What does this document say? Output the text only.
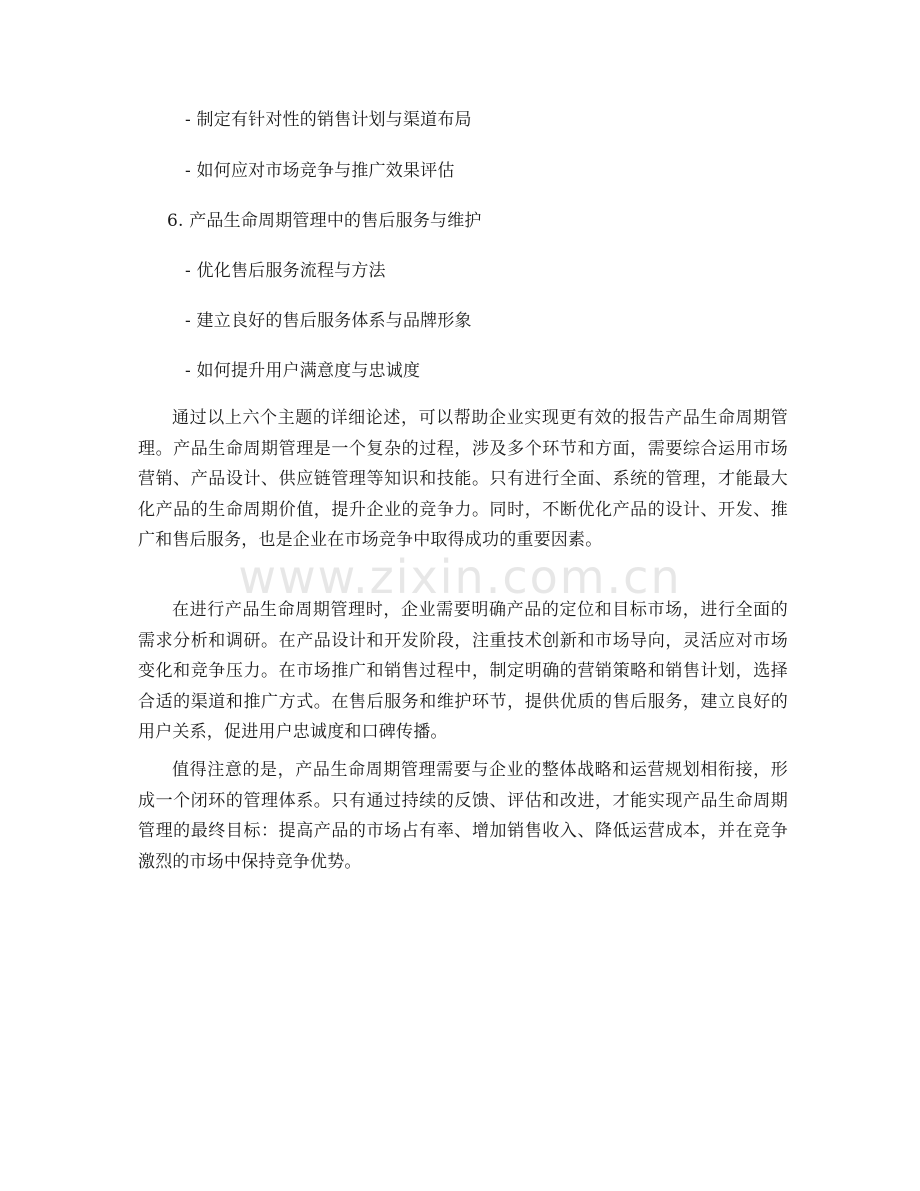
- 制定有针对性的销售计划与渠道布局
- 如何应对市场竞争与推广效果评估
6. 产品生命周期管理中的售后服务与维护
- 优化售后服务流程与方法
- 建立良好的售后服务体系与品牌形象
- 如何提升用户满意度与忠诚度
通过以上六个主题的详细论述，可以帮助企业实现更有效的报告产品生命周期管理。产品生命周期管理是一个复杂的过程，涉及多个环节和方面，需要综合运用市场营销、产品设计、供应链管理等知识和技能。只有进行全面、系统的管理，才能最大化产品的生命周期价值，提升企业的竞争力。同时，不断优化产品的设计、开发、推广和售后服务，也是企业在市场竞争中取得成功的重要因素。
在进行产品生命周期管理时，企业需要明确产品的定位和目标市场，进行全面的需求分析和调研。在产品设计和开发阶段，注重技术创新和市场导向，灵活应对市场变化和竞争压力。在市场推广和销售过程中，制定明确的营销策略和销售计划，选择合适的渠道和推广方式。在售后服务和维护环节，提供优质的售后服务，建立良好的用户关系，促进用户忠诚度和口碑传播。
值得注意的是，产品生命周期管理需要与企业的整体战略和运营规划相衔接，形成一个闭环的管理体系。只有通过持续的反馈、评估和改进，才能实现产品生命周期管理的最终目标：提高产品的市场占有率、增加销售收入、降低运营成本，并在竞争激烈的市场中保持竞争优势。
www.zixin.com.cn
